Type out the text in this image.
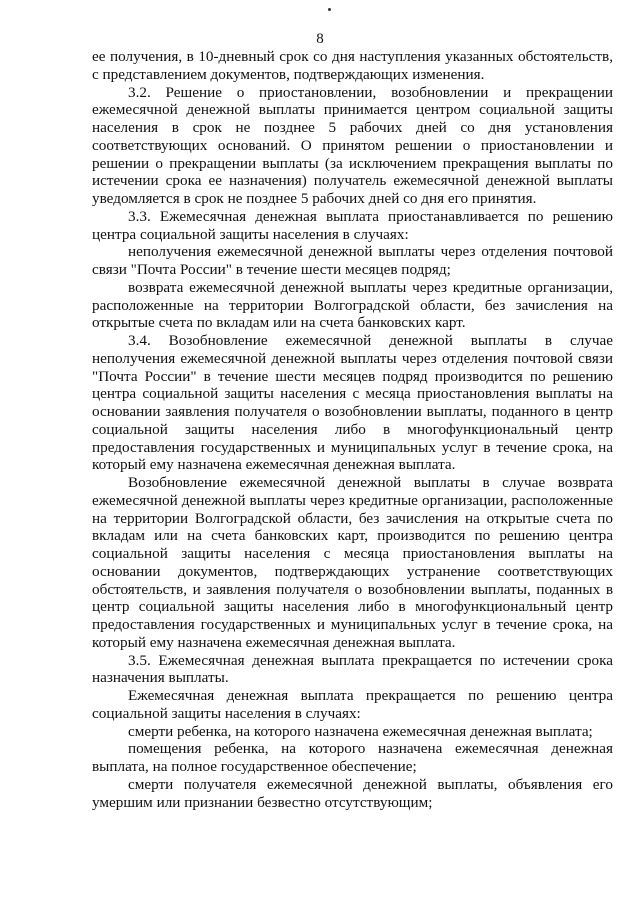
8

ее получения, в 10-дневный срок со дня наступления указанных обстоятельств, с представлением документов, подтверждающих изменения.

3.2. Решение о приостановлении, возобновлении и прекращении ежемесячной денежной выплаты принимается центром социальной защиты населения в срок не позднее 5 рабочих дней со дня установления соответствующих оснований. О принятом решении о приостановлении и решении о прекращении выплаты (за исключением прекращения выплаты по истечении срока ее назначения) получатель ежемесячной денежной выплаты уведомляется в срок не позднее 5 рабочих дней со дня его принятия.

3.3. Ежемесячная денежная выплата приостанавливается по решению центра социальной защиты населения в случаях:

неполучения ежемесячной денежной выплаты через отделения почтовой связи "Почта России" в течение шести месяцев подряд;

возврата ежемесячной денежной выплаты через кредитные организации, расположенные на территории Волгоградской области, без зачисления на открытые счета по вкладам или на счета банковских карт.

3.4. Возобновление ежемесячной денежной выплаты в случае неполучения ежемесячной денежной выплаты через отделения почтовой связи "Почта России" в течение шести месяцев подряд производится по решению центра социальной защиты населения с месяца приостановления выплаты на основании заявления получателя о возобновлении выплаты, поданного в центр социальной защиты населения либо в многофункциональный центр предоставления государственных и муниципальных услуг в течение срока, на который ему назначена ежемесячная денежная выплата.

Возобновление ежемесячной денежной выплаты в случае возврата ежемесячной денежной выплаты через кредитные организации, расположенные на территории Волгоградской области, без зачисления на открытые счета по вкладам или на счета банковских карт, производится по решению центра социальной защиты населения с месяца приостановления выплаты на основании документов, подтверждающих устранение соответствующих обстоятельств, и заявления получателя о возобновлении выплаты, поданных в центр социальной защиты населения либо в многофункциональный центр предоставления государственных и муниципальных услуг в течение срока, на который ему назначена ежемесячная денежная выплата.

3.5. Ежемесячная денежная выплата прекращается по истечении срока назначения выплаты.

Ежемесячная денежная выплата прекращается по решению центра социальной защиты населения в случаях:

смерти ребенка, на которого назначена ежемесячная денежная выплата;

помещения ребенка, на которого назначена ежемесячная денежная выплата, на полное государственное обеспечение;

смерти получателя ежемесячной денежной выплаты, объявления его умершим или признании безвестно отсутствующим;
